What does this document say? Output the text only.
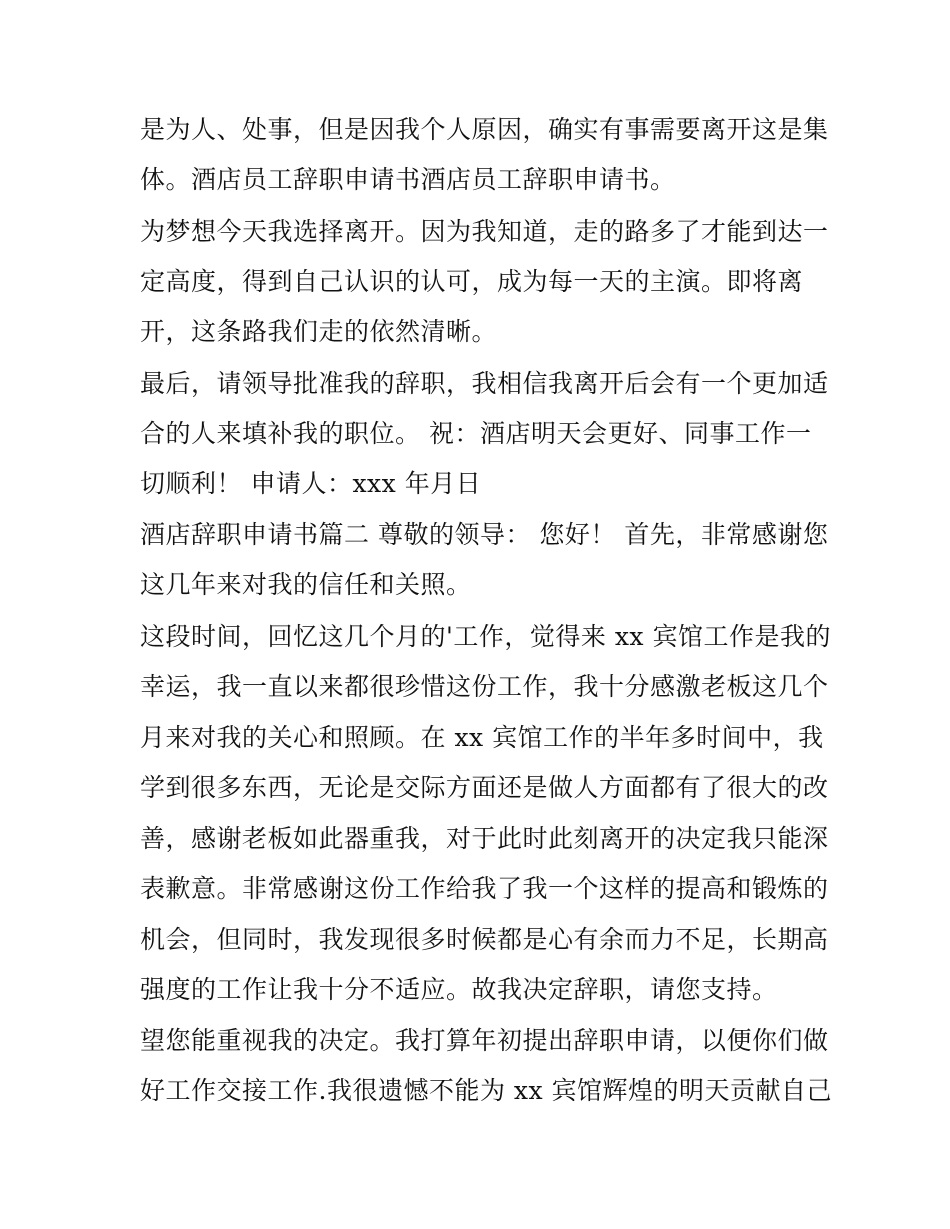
是为人、处事，但是因我个人原因，确实有事需要离开这是集
体。酒店员工辞职申请书酒店员工辞职申请书。
为梦想今天我选择离开。因为我知道，走的路多了才能到达一
定高度，得到自己认识的认可，成为每一天的主演。即将离
开，这条路我们走的依然清晰。
最后，请领导批准我的辞职，我相信我离开后会有一个更加适
合的人来填补我的职位。 祝：酒店明天会更好、同事工作一
切顺利！ 申请人：xxx 年月日
酒店辞职申请书篇二 尊敬的领导： 您好！ 首先，非常感谢您
这几年来对我的信任和关照。
这段时间，回忆这几个月的'工作，觉得来 xx 宾馆工作是我的
幸运，我一直以来都很珍惜这份工作，我十分感激老板这几个
月来对我的关心和照顾。在 xx 宾馆工作的半年多时间中，我
学到很多东西，无论是交际方面还是做人方面都有了很大的改
善，感谢老板如此器重我，对于此时此刻离开的决定我只能深
表歉意。非常感谢这份工作给我了我一个这样的提高和锻炼的
机会，但同时，我发现很多时候都是心有余而力不足，长期高
强度的工作让我十分不适应。故我决定辞职，请您支持。
望您能重视我的决定。我打算年初提出辞职申请，以便你们做
好工作交接工作.我很遗憾不能为 xx 宾馆辉煌的明天贡献自己
